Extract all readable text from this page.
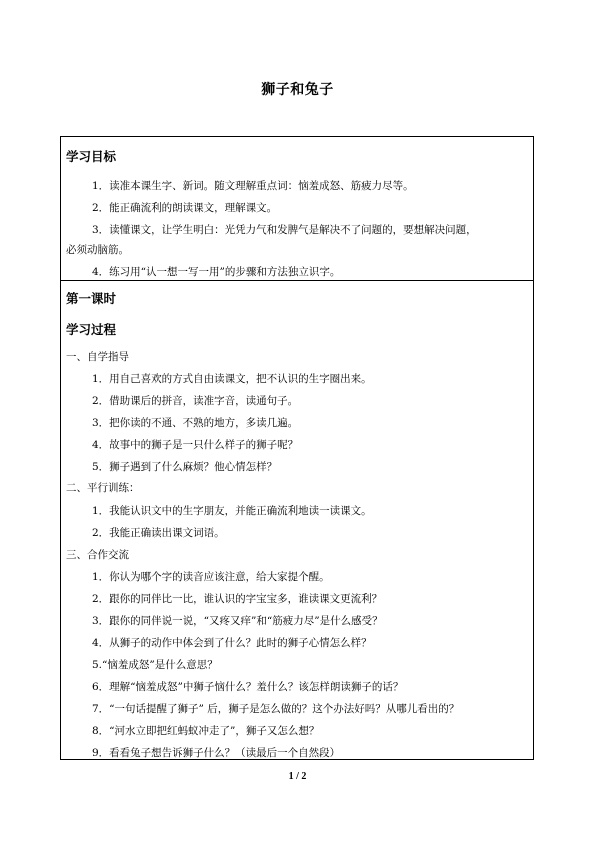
狮子和兔子
学习目标
1．读准本课生字、新词。随文理解重点词：恼羞成怒、筋疲力尽等。
2．能正确流利的朗读课文，理解课文。
3．读懂课文，让学生明白：光凭力气和发脾气是解决不了问题的，要想解决问题，
必须动脑筋。
4．练习用“认一想一写一用”的步骤和方法独立识字。
第一课时
学习过程
一、自学指导
1．用自己喜欢的方式自由读课文，把不认识的生字圈出来。
2．借助课后的拼音，读准字音，读通句子。
3．把你读的不通、不熟的地方，多读几遍。
4．故事中的狮子是一只什么样子的狮子呢？
5．狮子遇到了什么麻烦？他心情怎样？
二、平行训练：
1．我能认识文中的生字朋友，并能正确流利地读一读课文。
2．我能正确读出课文词语。
三、合作交流
1．你认为哪个字的读音应该注意，给大家提个醒。
2．跟你的同伴比一比，谁认识的字宝宝多，谁读课文更流利？
3．跟你的同伴说一说，“又疼又痒”和“筋疲力尽”是什么感受？
4．从狮子的动作中体会到了什么？此时的狮子心情怎么样？
5.“恼羞成怒”是什么意思？
6．理解“恼羞成怒”中狮子恼什么？羞什么？该怎样朗读狮子的话？
7．“一句话提醒了狮子” 后，狮子是怎么做的？这个办法好吗？从哪儿看出的？
8．“河水立即把红蚂蚁冲走了”，狮子又怎么想？
9．看看兔子想告诉狮子什么？（读最后一个自然段）
1 / 2
